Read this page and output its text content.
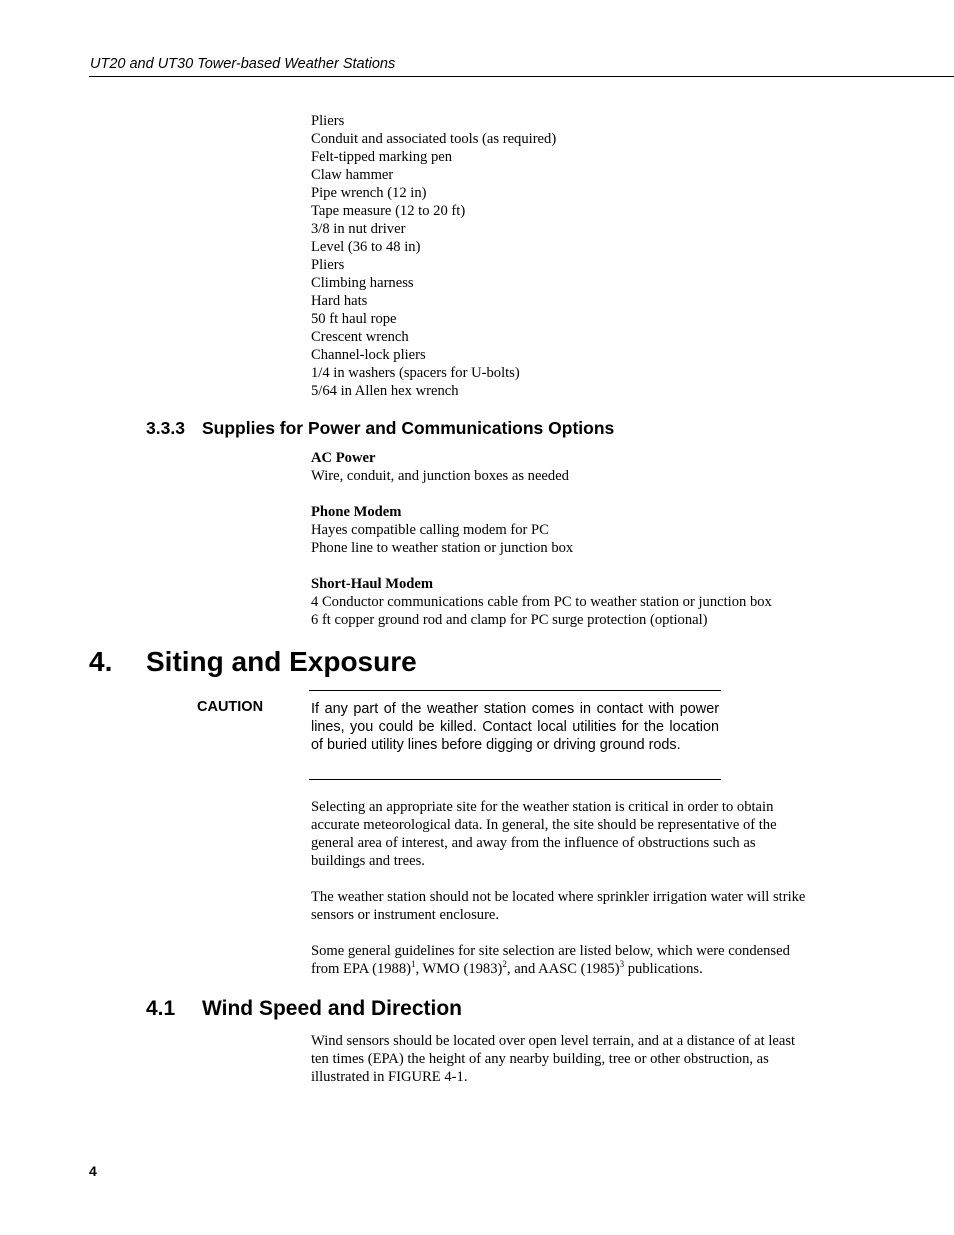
UT20 and UT30 Tower-based Weather Stations
Pliers
Conduit and associated tools (as required)
Felt-tipped marking pen
Claw hammer
Pipe wrench (12 in)
Tape measure (12 to 20 ft)
3/8 in nut driver
Level (36 to 48 in)
Pliers
Climbing harness
Hard hats
50 ft haul rope
Crescent wrench
Channel-lock pliers
1/4 in washers (spacers for U-bolts)
5/64 in Allen hex wrench
3.3.3 Supplies for Power and Communications Options
AC Power
Wire, conduit, and junction boxes as needed
Phone Modem
Hayes compatible calling modem for PC
Phone line to weather station or junction box
Short-Haul Modem
4 Conductor communications cable from PC to weather station or junction box
6 ft copper ground rod and clamp for PC surge protection (optional)
4. Siting and Exposure
CAUTION	If any part of the weather station comes in contact with power lines, you could be killed. Contact local utilities for the location of buried utility lines before digging or driving ground rods.

Selecting an appropriate site for the weather station is critical in order to obtain accurate meteorological data. In general, the site should be representative of the general area of interest, and away from the influence of obstructions such as buildings and trees.

The weather station should not be located where sprinkler irrigation water will strike sensors or instrument enclosure.

Some general guidelines for site selection are listed below, which were condensed from EPA $(1988)^1$, WMO $(1983)^2$, and AASC $(1985)^3$ publications.

4.1 Wind Speed and Direction

Wind sensors should be located over open level terrain, and at a distance of at least ten times (EPA) the height of any nearby building, tree or other obstruction, as illustrated in FIGURE 4-1.

4
